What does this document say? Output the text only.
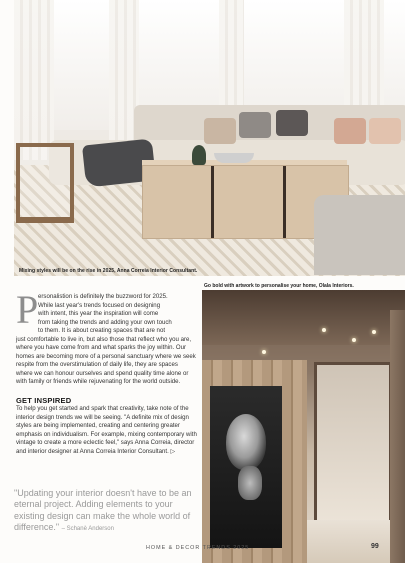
Mixing styles will be on the rise in 2025, Anna Correia Interior Consultant.
P ersonalistion is definitely the buzzword for 2025.
While last year's trends focused on designing
with intent, this year the inspiration will come
from taking the trends and adding your own touch
to them. It is about creating spaces that are not
just comfortable to live in, but also those that reflect who you are, where you have come from and what sparks the joy within. Our homes are becoming more of a personal sanctuary where we seek respite from the overstimulation of daily life, they are spaces where we can honour ourselves and spend quality time alone or with family or friends while rejuvenating for the world outside.

GET INSPIRED

To help you get started and spark that creativity, take note of the interior design trends we will be seeing. "A definite mix of design styles are being implemented, creating and centering greater emphasis on individualism. For example, mixing contemporary with vintage to create a more eclectic feel," says Anna Correia, director and interior designer at Anna Correia Interior Consultant. ▷

"Updating your interior doesn't have to be an eternal project. Adding elements to your existing design can make the whole world of difference." – Schanè Anderson

Go bold with artwork to personalise your home, Olala Interiors.
HOME & DECOR TRENDS 2025	99
